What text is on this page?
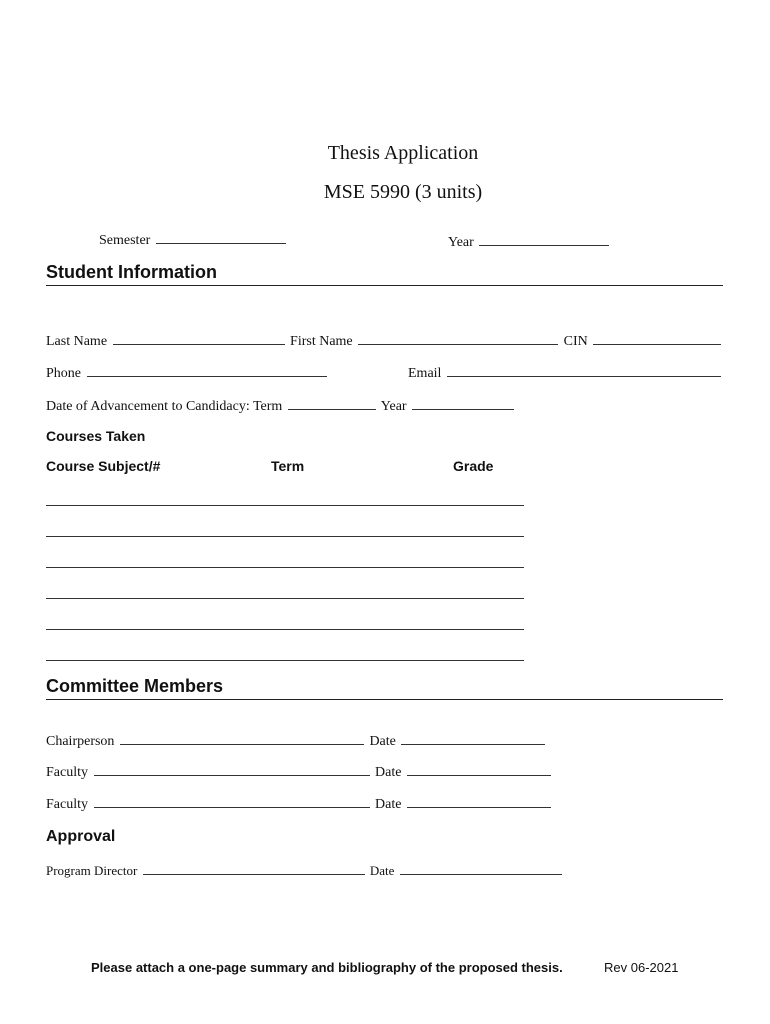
Thesis Application
MSE 5990 (3 units)
Semester	Year
Student Information
Last Name	First Name	CIN
Phone	Email
Date of Advancement to Candidacy: Term	Year
Courses Taken
Course Subject/#	Term	Grade
Committee Members
Chairperson	Date
Faculty	Date
Faculty	Date
Approval
Program Director	Date
Please attach a one-page summary and bibliography of the proposed thesis.	Rev 06-2021
